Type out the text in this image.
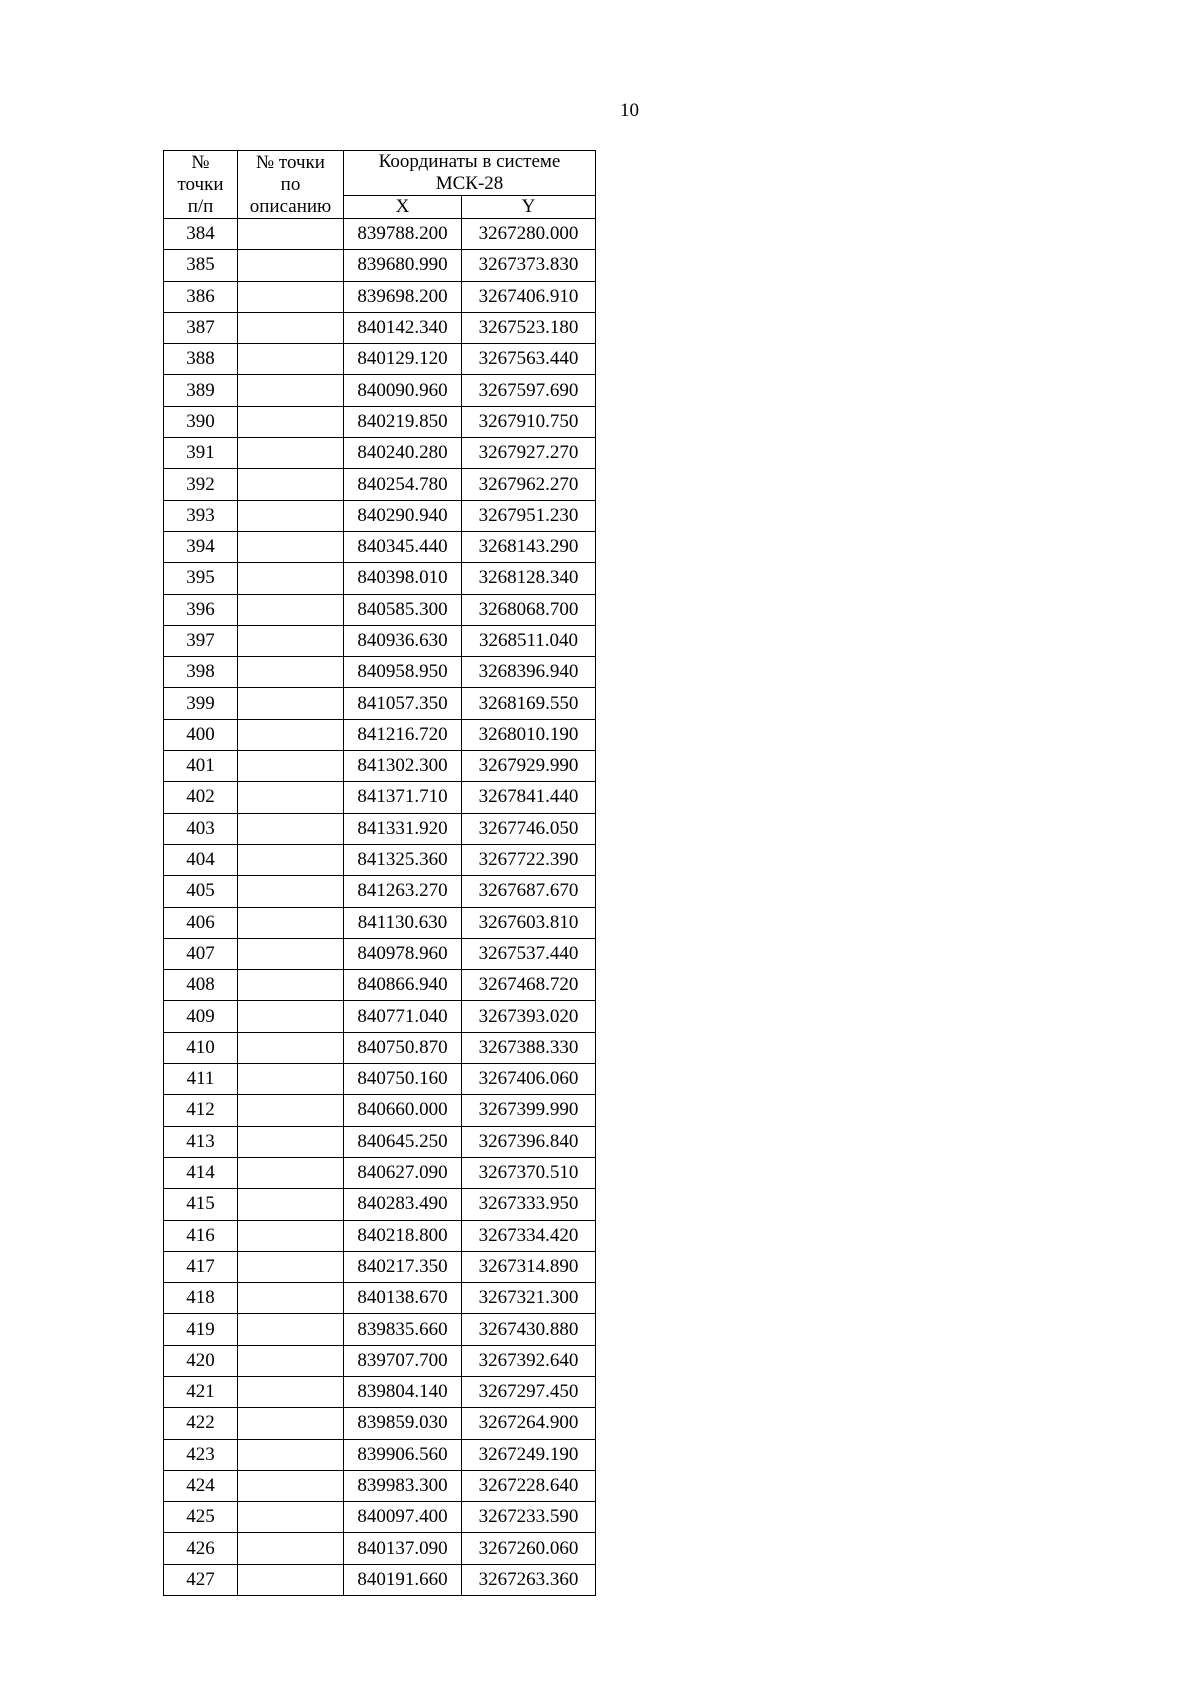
10
№
точки
п/п	№ точки
по
описанию	Координаты в системе МСК-28	
		X	Y
384		839788.200	3267280.000
385		839680.990	3267373.830
386		839698.200	3267406.910
387		840142.340	3267523.180
388		840129.120	3267563.440
389		840090.960	3267597.690
390		840219.850	3267910.750
391		840240.280	3267927.270
392		840254.780	3267962.270
393		840290.940	3267951.230
394		840345.440	3268143.290
395		840398.010	3268128.340
396		840585.300	3268068.700
397		840936.630	3268511.040
398		840958.950	3268396.940
399		841057.350	3268169.550
400		841216.720	3268010.190
401		841302.300	3267929.990
402		841371.710	3267841.440
403		841331.920	3267746.050
404		841325.360	3267722.390
405		841263.270	3267687.670
406		841130.630	3267603.810
407		840978.960	3267537.440
408		840866.940	3267468.720
409		840771.040	3267393.020
410		840750.870	3267388.330
411		840750.160	3267406.060
412		840660.000	3267399.990
413		840645.250	3267396.840
414		840627.090	3267370.510
415		840283.490	3267333.950
416		840218.800	3267334.420
417		840217.350	3267314.890
418		840138.670	3267321.300
419		839835.660	3267430.880
420		839707.700	3267392.640
421		839804.140	3267297.450
422		839859.030	3267264.900
423		839906.560	3267249.190
424		839983.300	3267228.640
425		840097.400	3267233.590
426		840137.090	3267260.060
427		840191.660	3267263.360
